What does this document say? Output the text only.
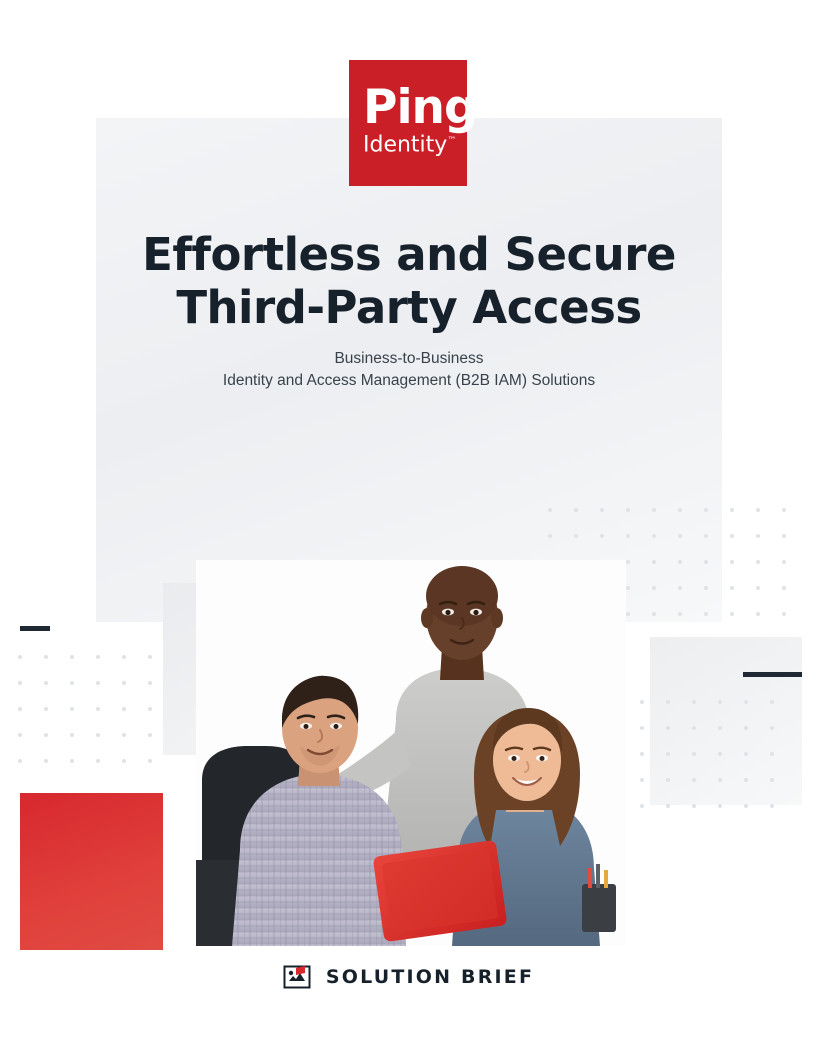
Ping
Identity™
Effortless and Secure Third-Party Access
Business-to-Business
Identity and Access Management (B2B IAM) Solutions
SOLUTION BRIEF
